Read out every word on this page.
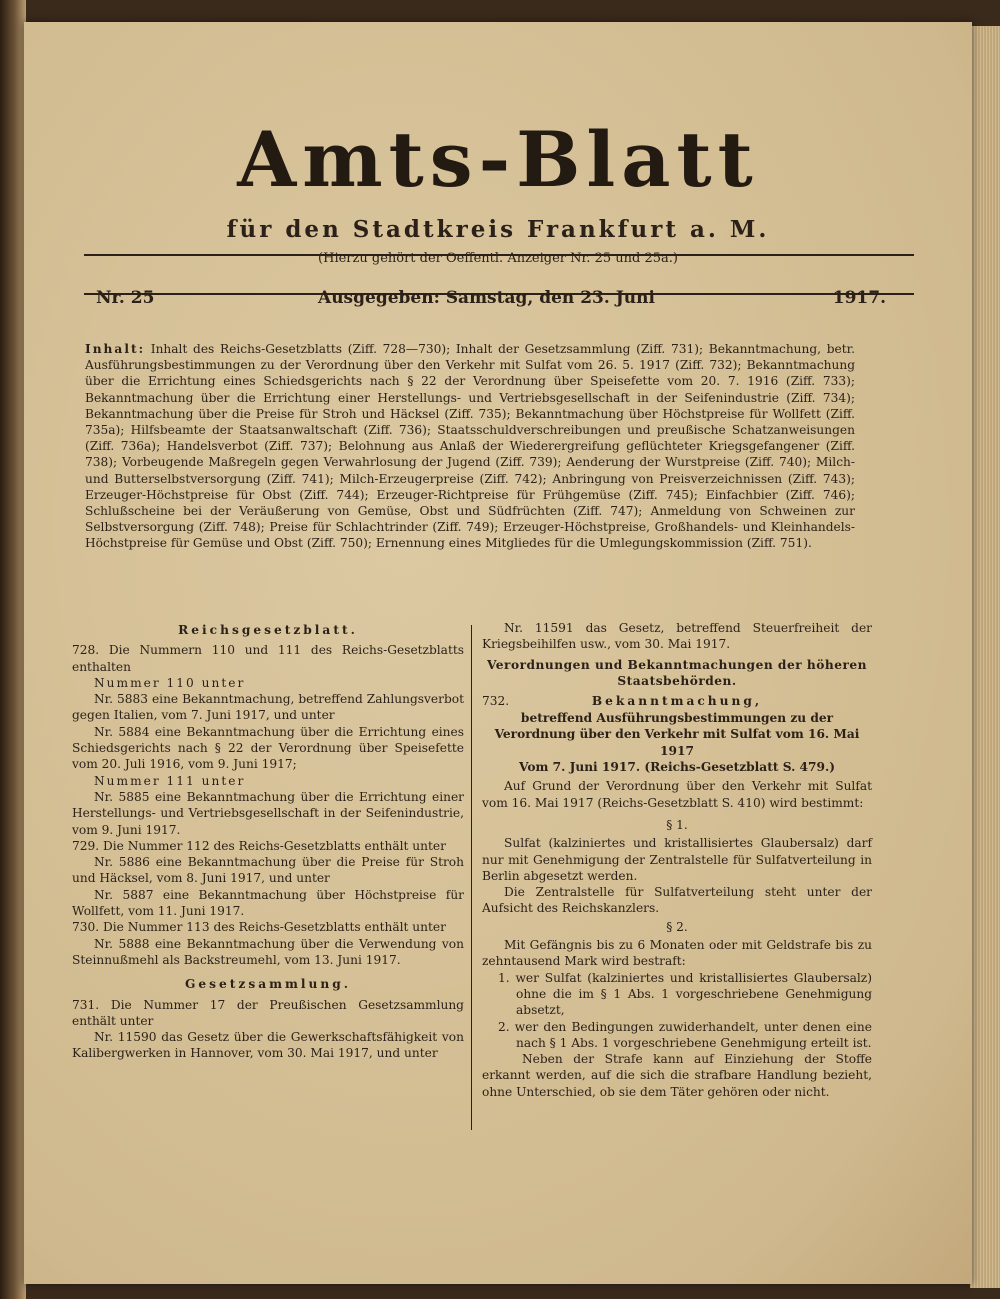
Amts-Blatt
für den Stadtkreis Frankfurt a. M.
(Hierzu gehört der Oeffentl. Anzeiger Nr. 25 und 25a.)
Nr. 25	Ausgegeben: Samstag, den 23. Juni	1917.
Inhalt: Inhalt des Reichs-Gesetzblatts (Ziff. 728—730); Inhalt der Gesetzsammlung (Ziff. 731); Bekanntmachung, betr. Ausführungsbestimmungen zu der Verordnung über den Verkehr mit Sulfat vom 26. 5. 1917 (Ziff. 732); Bekanntmachung über die Errichtung eines Schiedsgerichts nach § 22 der Verordnung über Speisefette vom 20. 7. 1916 (Ziff. 733); Bekanntmachung über die Errichtung einer Herstellungs- und Vertriebsgesellschaft in der Seifenindustrie (Ziff. 734); Bekanntmachung über die Preise für Stroh und Häcksel (Ziff. 735); Bekanntmachung über Höchstpreise für Wollfett (Ziff. 735a); Hilfsbeamte der Staatsanwaltschaft (Ziff. 736); Staatsschuldverschreibungen und preußische Schatzanweisungen (Ziff. 736a); Handelsverbot (Ziff. 737); Belohnung aus Anlaß der Wiederergreifung geflüchteter Kriegsgefangener (Ziff. 738); Vorbeugende Maßregeln gegen Verwahrlosung der Jugend (Ziff. 739); Aenderung der Wurstpreise (Ziff. 740); Milch- und Butterselbstversorgung (Ziff. 741); Milch-Erzeugerpreise (Ziff. 742); Anbringung von Preisverzeichnissen (Ziff. 743); Erzeuger-Höchstpreise für Obst (Ziff. 744); Erzeuger-Richtpreise für Frühgemüse (Ziff. 745); Einfachbier (Ziff. 746); Schlußscheine bei der Veräußerung von Gemüse, Obst und Südfrüchten (Ziff. 747); Anmeldung von Schweinen zur Selbstversorgung (Ziff. 748); Preise für Schlachtrinder (Ziff. 749); Erzeuger-Höchstpreise, Großhandels- und Kleinhandels-Höchstpreise für Gemüse und Obst (Ziff. 750); Ernennung eines Mitgliedes für die Umlegungskommission (Ziff. 751).
Reichsgesetzblatt.

728. Die Nummern 110 und 111 des Reichs-Gesetzblatts enthalten

Nummer 110 unter

Nr. 5883 eine Bekanntmachung, betreffend Zahlungsverbot gegen Italien, vom 7. Juni 1917, und unter

Nr. 5884 eine Bekanntmachung über die Errichtung eines Schiedsgerichts nach § 22 der Verordnung über Speisefette vom 20. Juli 1916, vom 9. Juni 1917;

Nummer 111 unter

Nr. 5885 eine Bekanntmachung über die Errichtung einer Herstellungs- und Vertriebsgesellschaft in der Seifenindustrie, vom 9. Juni 1917.

729. Die Nummer 112 des Reichs-Gesetzblatts enthält unter

Nr. 5886 eine Bekanntmachung über die Preise für Stroh und Häcksel, vom 8. Juni 1917, und unter

Nr. 5887 eine Bekanntmachung über Höchstpreise für Wollfett, vom 11. Juni 1917.

730. Die Nummer 113 des Reichs-Gesetzblatts enthält unter

Nr. 5888 eine Bekanntmachung über die Verwendung von Steinnußmehl als Backstreumehl, vom 13. Juni 1917.

Gesetzsammlung.

731. Die Nummer 17 der Preußischen Gesetzsammlung enthält unter

Nr. 11590 das Gesetz über die Gewerkschaftsfähigkeit von Kalibergwerken in Hannover, vom 30. Mai 1917, und unter

Nr. 11591 das Gesetz, betreffend Steuerfreiheit der Kriegsbeihilfen usw., vom 30. Mai 1917.

Verordnungen und Bekanntmachungen der höheren Staatsbehörden.
732.	Bekanntmachung,

betreffend Ausführungsbestimmungen zu der Verordnung über den Verkehr mit Sulfat vom 16. Mai 1917

Vom 7. Juni 1917. (Reichs-Gesetzblatt S. 479.)

Auf Grund der Verordnung über den Verkehr mit Sulfat vom 16. Mai 1917 (Reichs-Gesetzblatt S. 410) wird bestimmt:

§ 1.

Sulfat (kalziniertes und kristallisiertes Glaubersalz) darf nur mit Genehmigung der Zentralstelle für Sulfatverteilung in Berlin abgesetzt werden.

Die Zentralstelle für Sulfatverteilung steht unter der Aufsicht des Reichskanzlers.

§ 2.

Mit Gefängnis bis zu 6 Monaten oder mit Geldstrafe bis zu zehntausend Mark wird bestraft:

1. wer Sulfat (kalziniertes und kristallisiertes Glaubersalz) ohne die im § 1 Abs. 1 vorgeschriebene Genehmigung absetzt,

2. wer den Bedingungen zuwiderhandelt, unter denen eine nach § 1 Abs. 1 vorgeschriebene Genehmigung erteilt ist.

Neben der Strafe kann auf Einziehung der Stoffe erkannt werden, auf die sich die strafbare Handlung bezieht, ohne Unterschied, ob sie dem Täter gehören oder nicht.
